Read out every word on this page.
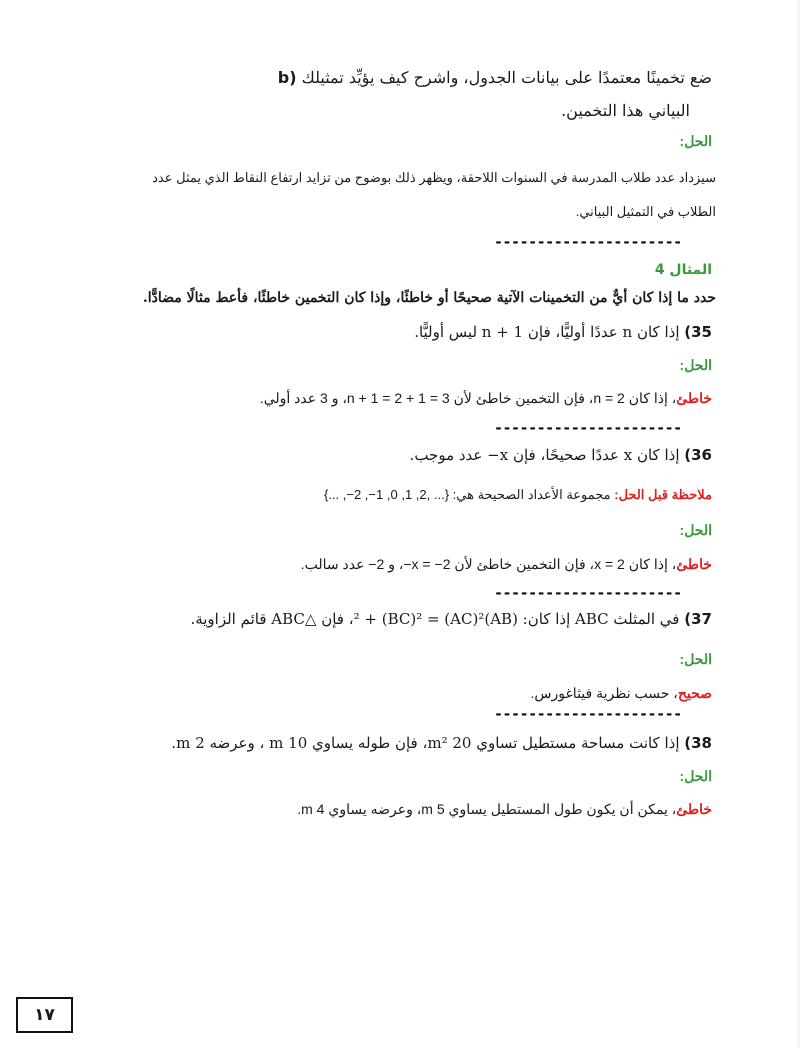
b) ضع تخمينًا معتمدًا على بيانات الجدول، واشرح كيف يؤيِّد تمثيلك
البياني هذا التخمين.
الحل:
سيزداد عدد طلاب المدرسة في السنوات اللاحقة، ويظهر ذلك بوضوح من تزايد ارتفاع النقاط الذي يمثل عدد
الطلاب في التمثيل البياني.
----------------------
المثال 4
حدد ما إذا كان أيٌّ من التخمينات الآتية صحيحًا أو خاطئًا، وإذا كان التخمين خاطئًا، فأعط مثالًا مضادًّا.
35) إذا كان n عددًا أوليًّا، فإن n + 1 ليس أوليًّا.
الحل:
خاطئ، إذا كان n = 2، فإن التخمين خاطئ لأن 3 = 1 + 2 = n + 1، و 3 عدد أولي.
----------------------
36) إذا كان x عددًا صحيحًا، فإن x− عدد موجب.
ملاحظة قبل الحل: مجموعة الأعداد الصحيحة هي: {... ,2, 1, 0, 1−, 2−, ...}
الحل:
خاطئ، إذا كان x = 2، فإن التخمين خاطئ لأن 2− = x−، و 2− عدد سالب.
----------------------
37) في المثلث ABC إذا كان: (AB)² + (BC)² = (AC)²، فإن △ABC قائم الزاوية.
الحل:
صحيح، حسب نظرية فيثاغورس.
----------------------
38) إذا كانت مساحة مستطيل تساوي 20 m²، فإن طوله يساوي 10 m ، وعرضه 2 m.
الحل:
خاطئ، يمكن أن يكون طول المستطيل يساوي 5 m، وعرضه يساوي 4 m.
١٧
